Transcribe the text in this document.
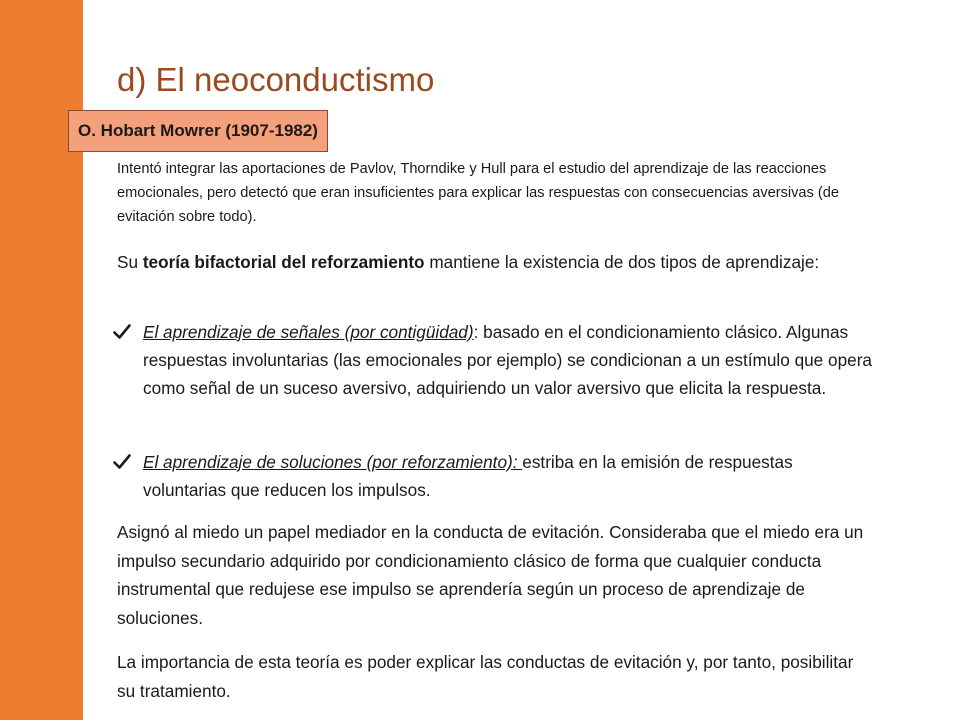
d) El neoconductismo
O. Hobart Mowrer (1907-1982)

Intentó integrar las aportaciones de Pavlov, Thorndike y Hull para el estudio del aprendizaje de las reacciones emocionales, pero detectó que eran insuficientes para explicar las respuestas con consecuencias aversivas (de evitación sobre todo).

Su teoría bifactorial del reforzamiento mantiene la existencia de dos tipos de aprendizaje:

El aprendizaje de señales (por contigüidad): basado en el condicionamiento clásico. Algunas respuestas involuntarias (las emocionales por ejemplo) se condicionan a un estímulo que opera como señal de un suceso aversivo, adquiriendo un valor aversivo que elicita la respuesta.
El aprendizaje de soluciones (por reforzamiento): estriba en la emisión de respuestas voluntarias que reducen los impulsos.

Asignó al miedo un papel mediador en la conducta de evitación. Consideraba que el miedo era un impulso secundario adquirido por condicionamiento clásico de forma que cualquier conducta instrumental que redujese ese impulso se aprendería según un proceso de aprendizaje de soluciones.

La importancia de esta teoría es poder explicar las conductas de evitación y, por tanto, posibilitar su tratamiento.
